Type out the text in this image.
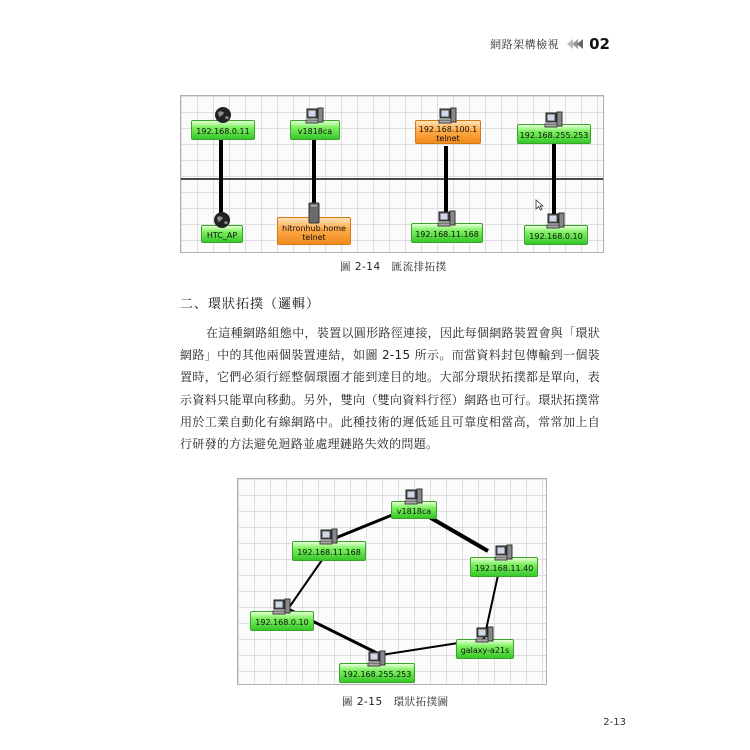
網路架構檢視 02
192.168.0.11	v1818ca	192.168.100.1
telnet	192.168.255.253
HTC_AP
hitronhub.home
telnet	192.168.11.168	192.168.0.10
圖 2-14　匯流排拓撲
二、環狀拓撲（邏輯）

在這種網路組態中，裝置以圓形路徑連接，因此每個網路裝置會與「環狀網路」中的其他兩個裝置連結，如圖 2-15 所示。而當資料封包傳輸到一個裝置時，它們必須行經整個環圈才能到達目的地。大部分環狀拓撲都是單向，表示資料只能單向移動。另外，雙向（雙向資料行徑）網路也可行。環狀拓撲常用於工業自動化有線網路中。此種技術的遲低延且可靠度相當高，常常加上自行研發的方法避免迴路並處理鏈路失效的問題。

v1818ca
192.168.11.168
192.168.11.40
192.168.0.10
galaxy-a21s
192.168.255.253
圖 2-15　環狀拓撲圖
2-13
